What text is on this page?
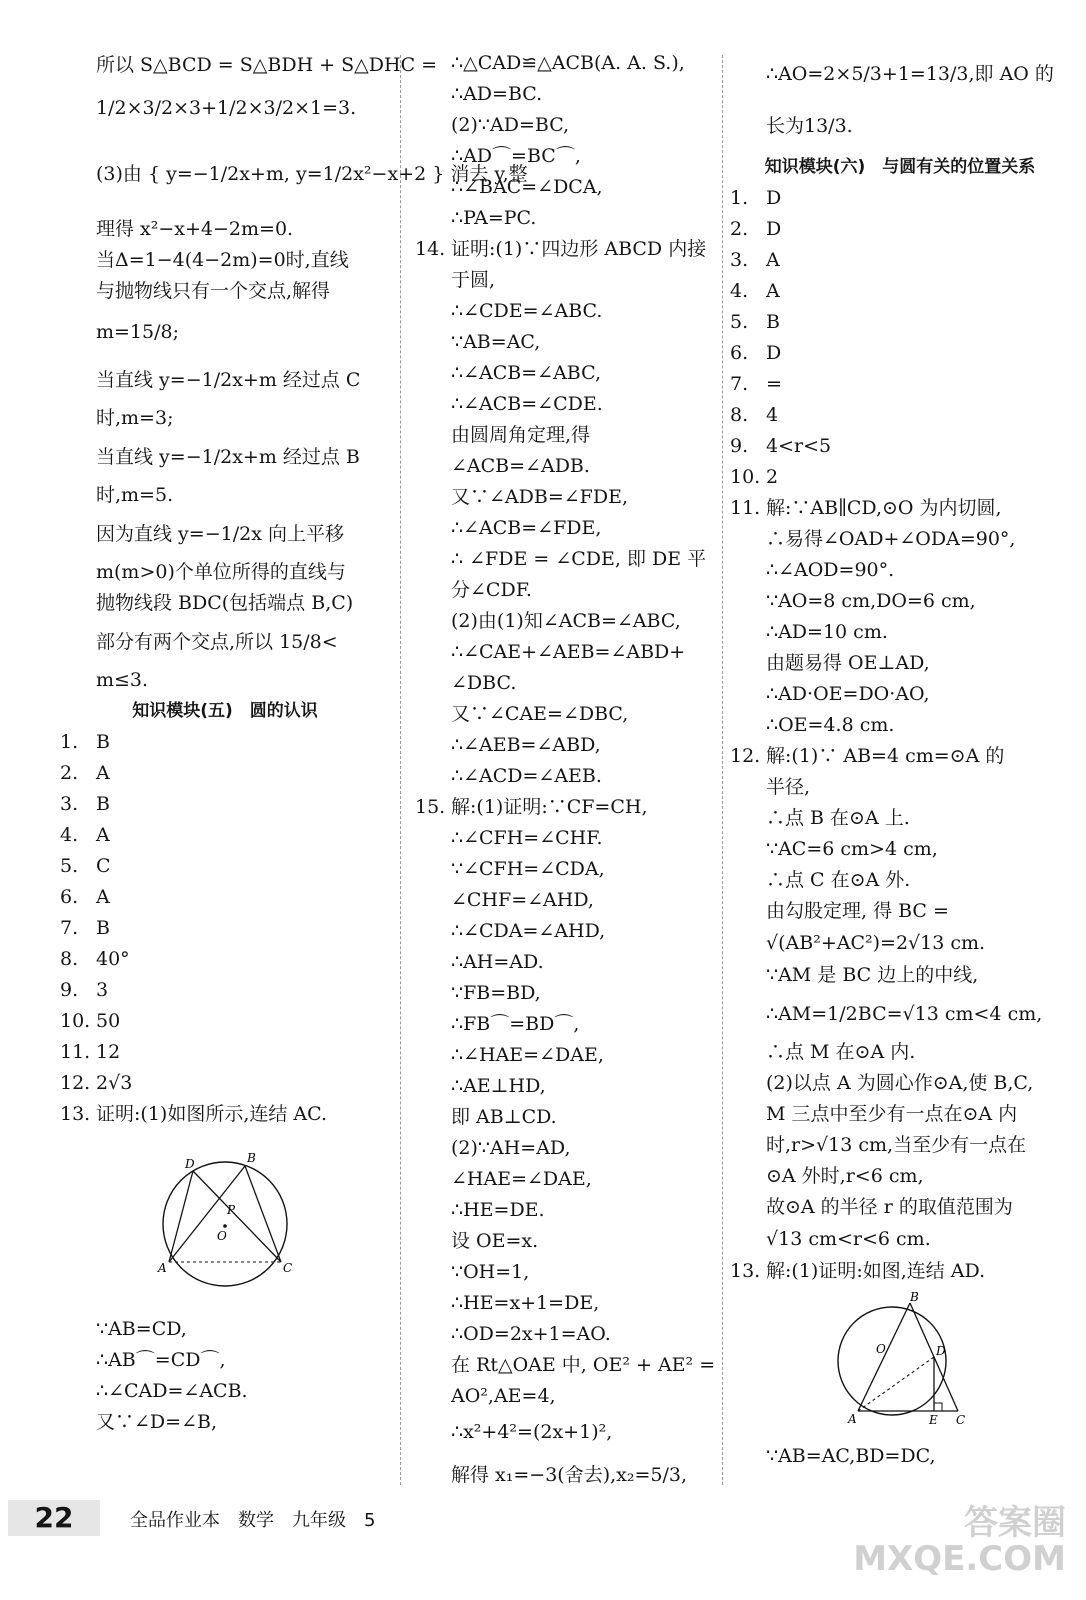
所以 S△BCD = S△BDH + S△DHC =
1/2×3/2×3+1/2×3/2×1=3.
(3)由 { y=−1/2x+m, y=1/2x²−x+2 } 消去 y,整
理得 x²−x+4−2m=0.
当Δ=1−4(4−2m)=0时,直线
与抛物线只有一个交点,解得
m=15/8;
当直线 y=−1/2x+m 经过点 C
时,m=3;
当直线 y=−1/2x+m 经过点 B
时,m=5.
因为直线 y=−1/2x 向上平移
m(m>0)个单位所得的直线与
抛物线段 BDC(包括端点 B,C)
部分有两个交点,所以 15/8<
m≤3.
知识模块(五)　圆的认识
1. B
2. A
3. B
4. A
5. C
6. A
7. B
8. 40°
9. 3
10. 50
11. 12
12. 2√3
13. 证明:(1)如图所示,连结 AC.
D	B
P
O
A	C
∵AB=CD,
∴AB⌒=CD⌒,
∴∠CAD=∠ACB.
又∵∠D=∠B,
∴△CAD≌△ACB(A. A. S.),
∴AD=BC.
(2)∵AD=BC,
∴AD⌒=BC⌒,
∴∠BAC=∠DCA,
∴PA=PC.
14. 证明:(1)∵四边形 ABCD 内接
于圆,
∴∠CDE=∠ABC.
∵AB=AC,
∴∠ACB=∠ABC,
∴∠ACB=∠CDE.
由圆周角定理,得
∠ACB=∠ADB.
又∵∠ADB=∠FDE,
∴∠ACB=∠FDE,
∴ ∠FDE = ∠CDE, 即 DE 平
分∠CDF.
(2)由(1)知∠ACB=∠ABC,
∴∠CAE+∠AEB=∠ABD+
∠DBC.
又∵∠CAE=∠DBC,
∴∠AEB=∠ABD,
∴∠ACD=∠AEB.
15. 解:(1)证明:∵CF=CH,
∴∠CFH=∠CHF.
∵∠CFH=∠CDA,
∠CHF=∠AHD,
∴∠CDA=∠AHD,
∴AH=AD.
∵FB=BD,
∴FB⌒=BD⌒,
∴∠HAE=∠DAE,
∴AE⊥HD,
即 AB⊥CD.
(2)∵AH=AD,
∠HAE=∠DAE,
∴HE=DE.
设 OE=x.
∵OH=1,
∴HE=x+1=DE,
∴OD=2x+1=AO.
在 Rt△OAE 中, OE² + AE² =
AO²,AE=4,
∴x²+4²=(2x+1)²,
解得 x₁=−3(舍去),x₂=5/3,
∴AO=2×5/3+1=13/3,即 AO 的
长为13/3.
知识模块(六)　与圆有关的位置关系
1. D
2. D
3. A
4. A
5. B
6. D
7. =
8. 4
9. 4<r<5
10. 2
11. 解:∵AB∥CD,⊙O 为内切圆,
∴易得∠OAD+∠ODA=90°,
∴∠AOD=90°.
∵AO=8 cm,DO=6 cm,
∴AD=10 cm.
由题易得 OE⊥AD,
∴AD·OE=DO·AO,
∴OE=4.8 cm.
12. 解:(1)∵ AB=4 cm=⊙A 的
半径,
∴点 B 在⊙A 上.
∵AC=6 cm>4 cm,
∴点 C 在⊙A 外.
由勾股定理, 得 BC =
√(AB²+AC²)=2√13 cm.
∵AM 是 BC 边上的中线,
∴AM=1/2BC=√13 cm<4 cm,
∴点 M 在⊙A 内.
(2)以点 A 为圆心作⊙A,使 B,C,
M 三点中至少有一点在⊙A 内
时,r>√13 cm,当至少有一点在
⊙A 外时,r<6 cm,
故⊙A 的半径 r 的取值范围为
√13 cm<r<6 cm.
13. 解:(1)证明:如图,连结 AD.
B
O	D
A	E C
∵AB=AC,BD=DC,
22	全品作业本　数学　九年级　5	答案圈
MXQE.COM
